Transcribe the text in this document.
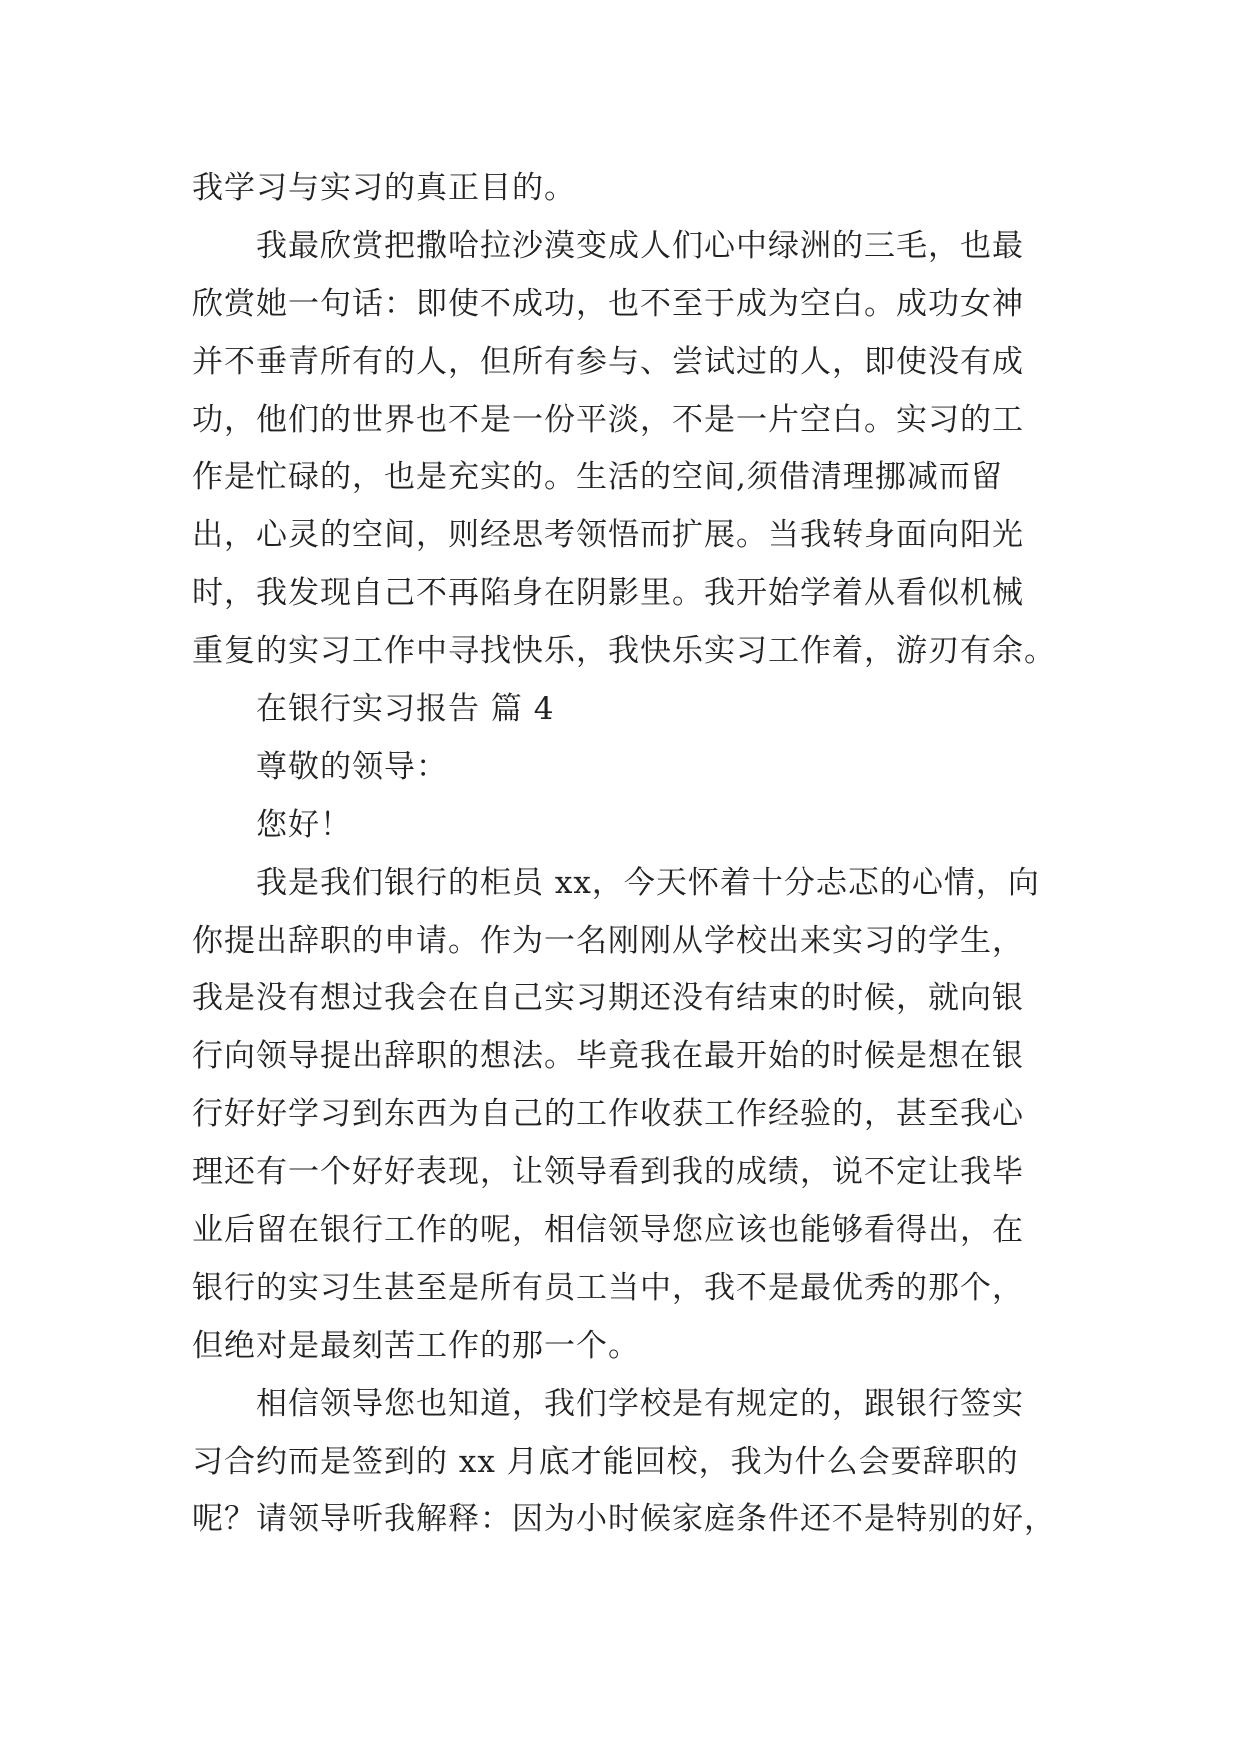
我学习与实习的真正目的。
我最欣赏把撒哈拉沙漠变成人们心中绿洲的三毛，也最
欣赏她一句话：即使不成功，也不至于成为空白。成功女神
并不垂青所有的人，但所有参与、尝试过的人，即使没有成
功，他们的世界也不是一份平淡，不是一片空白。实习的工
作是忙碌的，也是充实的。生活的空间,须借清理挪减而留
出，心灵的空间，则经思考领悟而扩展。当我转身面向阳光
时，我发现自己不再陷身在阴影里。我开始学着从看似机械
重复的实习工作中寻找快乐，我快乐实习工作着，游刃有余。
在银行实习报告 篇 4
尊敬的领导：
您好！
我是我们银行的柜员 xx，今天怀着十分忐忑的心情，向
你提出辞职的申请。作为一名刚刚从学校出来实习的学生，
我是没有想过我会在自己实习期还没有结束的时候，就向银
行向领导提出辞职的想法。毕竟我在最开始的时候是想在银
行好好学习到东西为自己的工作收获工作经验的，甚至我心
理还有一个好好表现，让领导看到我的成绩，说不定让我毕
业后留在银行工作的呢，相信领导您应该也能够看得出，在
银行的实习生甚至是所有员工当中，我不是最优秀的那个，
但绝对是最刻苦工作的那一个。
相信领导您也知道，我们学校是有规定的，跟银行签实
习合约而是签到的 xx 月底才能回校，我为什么会要辞职的
呢？请领导听我解释：因为小时候家庭条件还不是特别的好，
